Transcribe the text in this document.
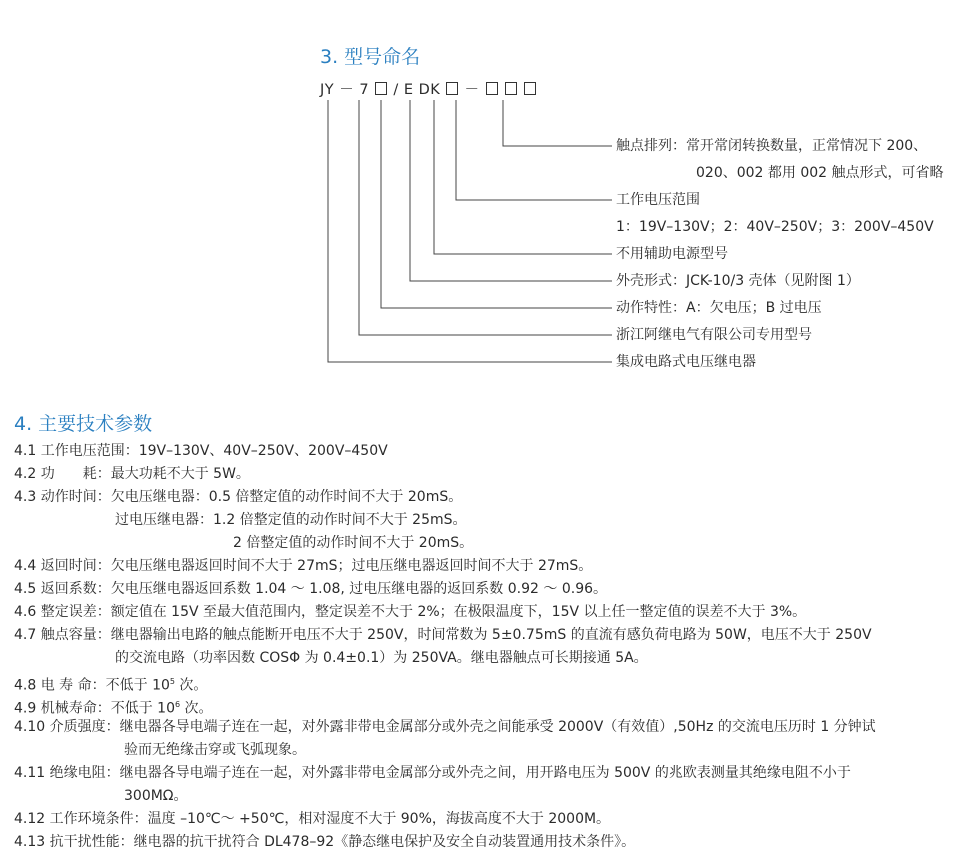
3. 型号命名
JY － 7 / E DK －
触点排列：常开常闭转换数量，正常情况下 200、
020、002 都用 002 触点形式，可省略
工作电压范围
1：19V–130V；2：40V–250V；3：200V–450V
不用辅助电源型号
外壳形式：JCK-10/3 壳体（见附图 1）
动作特性：A：欠电压；B 过电压
浙江阿继电气有限公司专用型号
集成电路式电压继电器
4. 主要技术参数
4.1 工作电压范围：19V–130V、40V–250V、200V–450V
4.2 功　　耗：最大功耗不大于 5W。
4.3 动作时间：欠电压继电器：0.5 倍整定值的动作时间不大于 20mS。
过电压继电器：1.2 倍整定值的动作时间不大于 25mS。
2 倍整定值的动作时间不大于 20mS。
4.4 返回时间：欠电压继电器返回时间不大于 27mS；过电压继电器返回时间不大于 27mS。
4.5 返回系数：欠电压继电器返回系数 1.04 ～ 1.08, 过电压继电器的返回系数 0.92 ～ 0.96。
4.6 整定误差：额定值在 15V 至最大值范围内，整定误差不大于 2%；在极限温度下，15V 以上任一整定值的误差不大于 3%。
4.7 触点容量：继电器输出电路的触点能断开电压不大于 250V，时间常数为 5±0.75mS 的直流有感负荷电路为 50W，电压不大于 250V
的交流电路（功率因数 COSΦ 为 0.4±0.1）为 250VA。继电器触点可长期接通 5A。
4.8 电 寿 命：不低于 $10^5$ 次。
4.9 机械寿命：不低于 $10^6$ 次。
4.10 介质强度：继电器各导电端子连在一起，对外露非带电金属部分或外壳之间能承受 2000V（有效值）,50Hz 的交流电压历时 1 分钟试
验而无绝缘击穿或飞弧现象。
4.11 绝缘电阻：继电器各导电端子连在一起，对外露非带电金属部分或外壳之间，用开路电压为 500V 的兆欧表测量其绝缘电阻不小于
300MΩ。
4.12 工作环境条件：温度 –10℃～ +50℃，相对湿度不大于 90%，海拔高度不大于 2000M。
4.13 抗干扰性能：继电器的抗干扰符合 DL478–92《静态继电保护及安全自动装置通用技术条件》。
